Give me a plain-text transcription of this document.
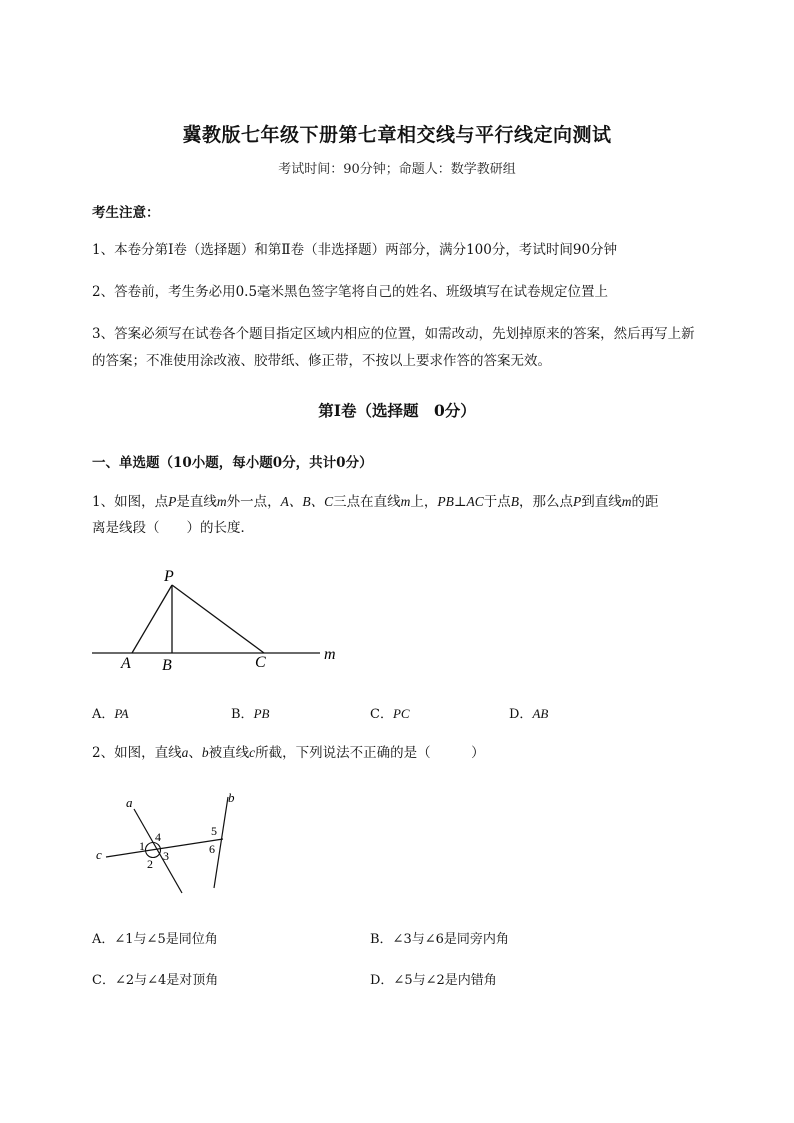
冀教版七年级下册第七章相交线与平行线定向测试
考试时间：90分钟；命题人：数学教研组
考生注意：
1、本卷分第I卷（选择题）和第Ⅱ卷（非选择题）两部分，满分100分，考试时间90分钟
2、答卷前，考生务必用0.5毫米黑色签字笔将自己的姓名、班级填写在试卷规定位置上
3、答案必须写在试卷各个题目指定区域内相应的位置，如需改动，先划掉原来的答案，然后再写上新
的答案；不准使用涂改液、胶带纸、修正带，不按以上要求作答的答案无效。
第I卷（选择题　0分）
一、单选题（10小题，每小题0分，共计0分）
1、如图，点P是直线m外一点，A、B、C三点在直线m上，PB⊥AC于点B，那么点P到直线m的距
离是线段（　　）的长度．
P
A B	C	m
A．PA	B．PB	C．PC	D．AB
2、如图，直线a、b被直线c所截，下列说法不正确的是（　　　）
a	b
c
1
2
3
4	5
6
A．∠1与∠5是同位角	B．∠3与∠6是同旁内角
C．∠2与∠4是对顶角	D．∠5与∠2是内错角
